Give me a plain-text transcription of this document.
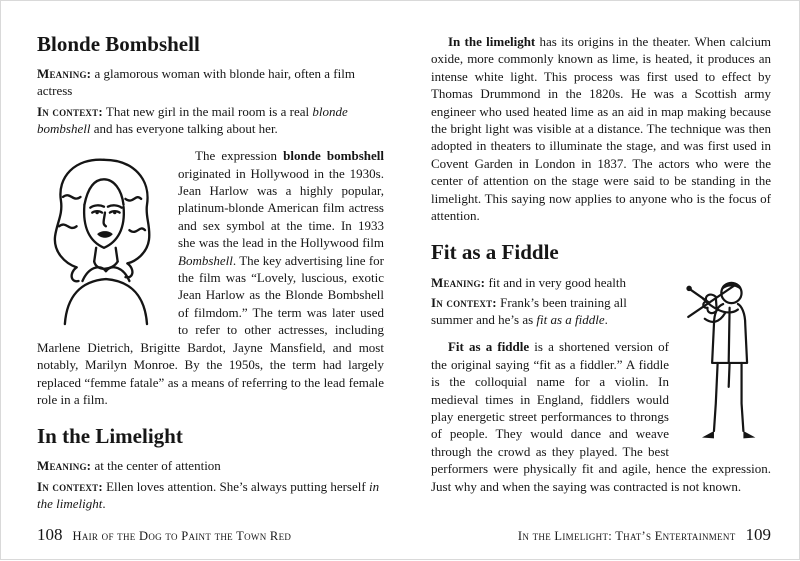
Blonde Bombshell

Meaning: a glamorous woman with blonde hair, often a film actress

In context: That new girl in the mail room is a real blonde bombshell and has everyone talking about her.

The expression blonde bombshell originated in Hollywood in the 1930s. Jean Harlow was a highly popular, platinum-blonde American film actress and sex symbol at the time. In 1933 she was the lead in the Hollywood film Bombshell. The key advertising line for the film was “Lovely, luscious, exotic Jean Harlow as the Blonde Bombshell of filmdom.” The term was later used to refer to other actresses, including Marlene Dietrich, Brigitte Bardot, Jayne Mansfield, and most notably, Marilyn Monroe. By the 1950s, the term had largely replaced “femme fatale” as a means of referring to the lead female role in a film.

In the Limelight

Meaning: at the center of attention

In context: Ellen loves attention. She’s always putting herself in the limelight.

108 Hair of the Dog to Paint the Town Red

In the limelight has its origins in the theater. When calcium oxide, more commonly known as lime, is heated, it produces an intense white light. This process was first used to effect by Thomas Drummond in the 1820s. He was a Scottish army engineer who used heated lime as an aid in map making because the bright light was visible at a distance. The technique was then adopted in theaters to illuminate the stage, and was first used in Covent Garden in London in 1837. The actors who were the center of attention on the stage were said to be standing in the limelight. This saying now applies to anyone who is the focus of attention.

Fit as a Fiddle

Meaning: fit and in very good health

In context: Frank’s been training all summer and he’s as fit as a fiddle.

Fit as a fiddle is a shortened version of the original saying “fit as a fiddler.” A fiddle is the colloquial name for a violin. In medieval times in England, fiddlers would play energetic street performances to throngs of people. They would dance and weave through the crowd as they played. The best performers were physically fit and agile, hence the expression. Just why and when the saying was contracted is not known.

In the Limelight: That’s Entertainment 109
